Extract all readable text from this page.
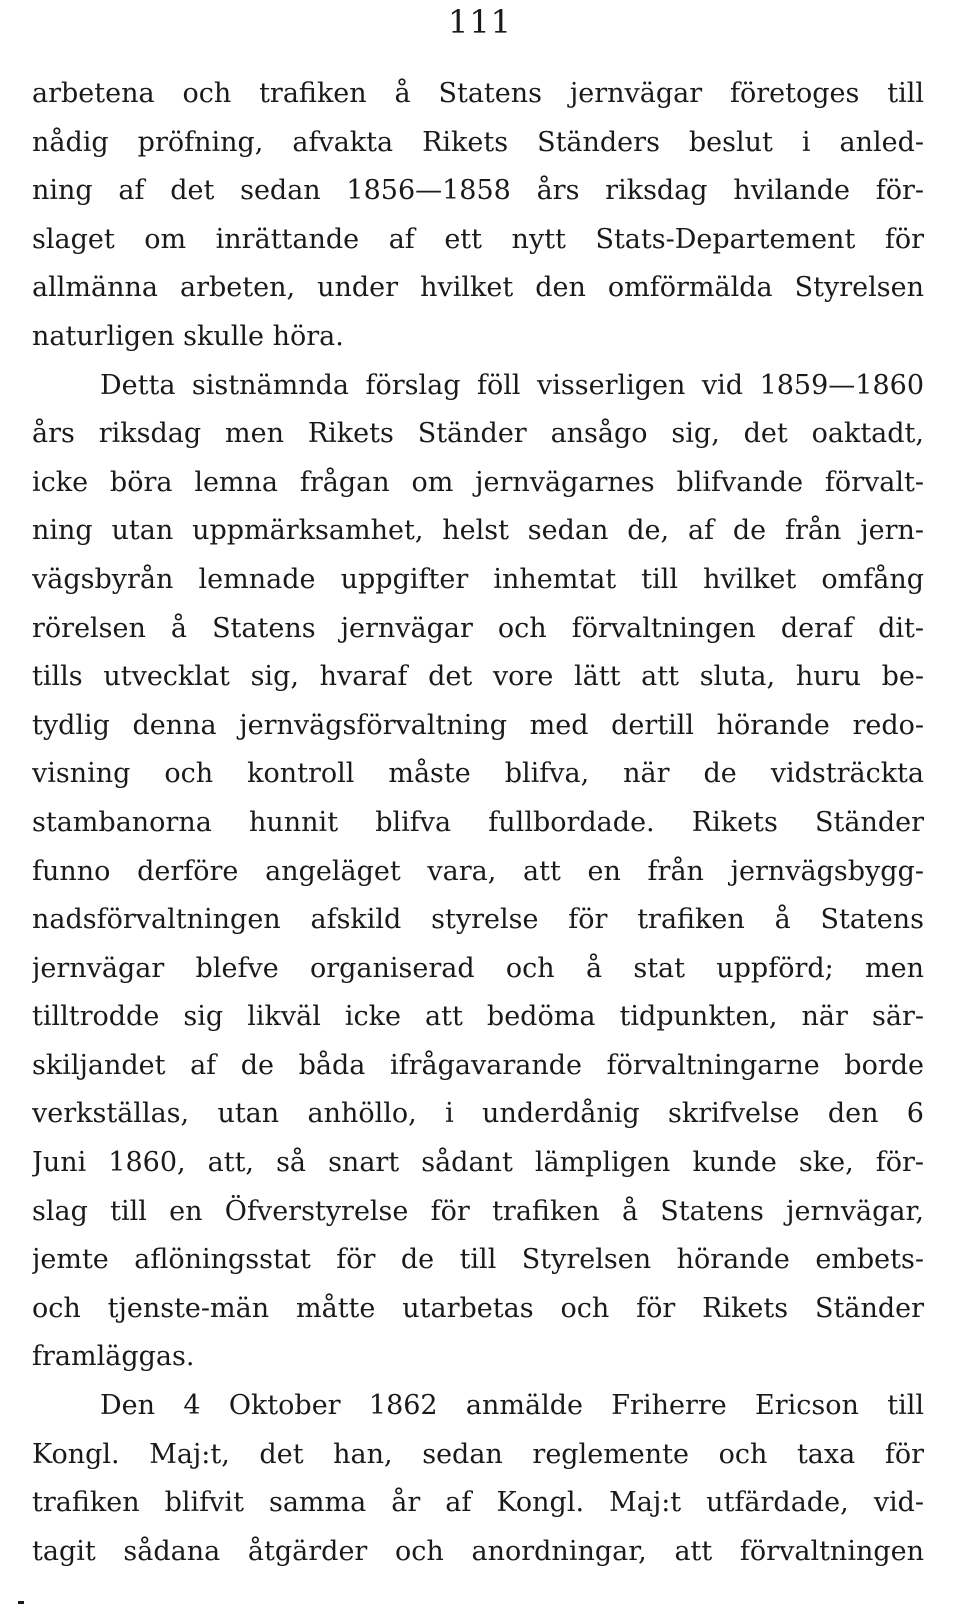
111
arbetena och trafiken å Statens jernvägar företoges till
nådig pröfning, afvakta Rikets Ständers beslut i anled-
ning af det sedan 1856—1858 års riksdag hvilande för-
slaget om inrättande af ett nytt Stats-Departement för
allmänna arbeten, under hvilket den omförmälda Styrelsen
naturligen skulle höra.
Detta sistnämnda förslag föll visserligen vid 1859—1860
års riksdag men Rikets Ständer ansågo sig, det oaktadt,
icke böra lemna frågan om jernvägarnes blifvande förvalt-
ning utan uppmärksamhet, helst sedan de, af de från jern-
vägsbyrån lemnade uppgifter inhemtat till hvilket omfång
rörelsen å Statens jernvägar och förvaltningen deraf dit-
tills utvecklat sig, hvaraf det vore lätt att sluta, huru be-
tydlig denna jernvägsförvaltning med dertill hörande redo-
visning och kontroll måste blifva, när de vidsträckta
stambanorna hunnit blifva fullbordade. Rikets Ständer
funno derföre angeläget vara, att en från jernvägsbygg-
nadsförvaltningen afskild styrelse för trafiken å Statens
jernvägar blefve organiserad och å stat uppförd; men
tilltrodde sig likväl icke att bedöma tidpunkten, när sär-
skiljandet af de båda ifrågavarande förvaltningarne borde
verkställas, utan anhöllo, i underdånig skrifvelse den 6
Juni 1860, att, så snart sådant lämpligen kunde ske, för-
slag till en Öfverstyrelse för trafiken å Statens jernvägar,
jemte aflöningsstat för de till Styrelsen hörande embets-
och tjenste-män måtte utarbetas och för Rikets Ständer
framläggas.
Den 4 Oktober 1862 anmälde Friherre Ericson till
Kongl. Maj:t, det han, sedan reglemente och taxa för
trafiken blifvit samma år af Kongl. Maj:t utfärdade, vid-
tagit sådana åtgärder och anordningar, att förvaltningen
